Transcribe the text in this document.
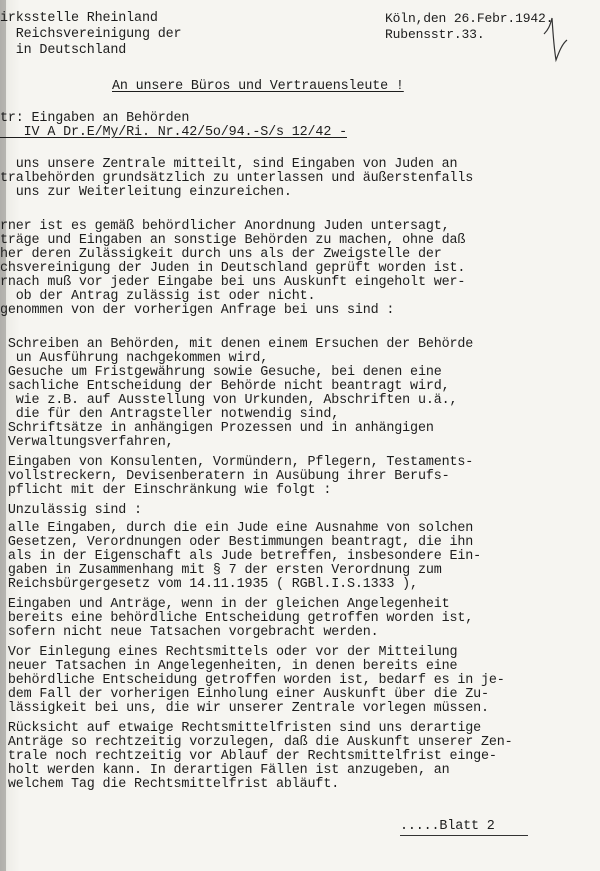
irksstelle Rheinland
Reichsvereinigung der
in Deutschland
Köln,den 26.Febr.1942.
Rubensstr.33.
An unsere Büros und Vertrauensleute !
tr: Eingaben an Behörden
IV A Dr.E/My/Ri. Nr.42/5o/94.-S/s 12/42 -
uns unsere Zentrale mitteilt, sind Eingaben von Juden an
tralbehörden grundsätzlich zu unterlassen und äußerstenfalls
uns zur Weiterleitung einzureichen.
rner ist es gemäß behördlicher Anordnung Juden untersagt,
träge und Eingaben an sonstige Behörden zu machen, ohne daß
her deren Zulässigkeit durch uns als der Zweigstelle der
chsvereinigung der Juden in Deutschland geprüft worden ist.
rnach muß vor jeder Eingabe bei uns Auskunft eingeholt wer-
ob der Antrag zulässig ist oder nicht.
genommen von der vorherigen Anfrage bei uns sind :
Schreiben an Behörden, mit denen einem Ersuchen der Behörde
un Ausführung nachgekommen wird,
Gesuche um Fristgewährung sowie Gesuche, bei denen eine
sachliche Entscheidung der Behörde nicht beantragt wird,
wie z.B. auf Ausstellung von Urkunden, Abschriften u.ä.,
die für den Antragsteller notwendig sind,
Schriftsätze in anhängigen Prozessen und in anhängigen
Verwaltungsverfahren,
Eingaben von Konsulenten, Vormündern, Pflegern, Testaments-
vollstreckern, Devisenberatern in Ausübung ihrer Berufs-
pflicht mit der Einschränkung wie folgt :
Unzulässig sind :
alle Eingaben, durch die ein Jude eine Ausnahme von solchen
Gesetzen, Verordnungen oder Bestimmungen beantragt, die ihn
als in der Eigenschaft als Jude betreffen, insbesondere Ein-
gaben in Zusammenhang mit § 7 der ersten Verordnung zum
Reichsbürgergesetz vom 14.11.1935 ( RGBl.I.S.1333 ),
Eingaben und Anträge, wenn in der gleichen Angelegenheit
bereits eine behördliche Entscheidung getroffen worden ist,
sofern nicht neue Tatsachen vorgebracht werden.
Vor Einlegung eines Rechtsmittels oder vor der Mitteilung
neuer Tatsachen in Angelegenheiten, in denen bereits eine
behördliche Entscheidung getroffen worden ist, bedarf es in je-
dem Fall der vorherigen Einholung einer Auskunft über die Zu-
lässigkeit bei uns, die wir unserer Zentrale vorlegen müssen.
Rücksicht auf etwaige Rechtsmittelfristen sind uns derartige
Anträge so rechtzeitig vorzulegen, daß die Auskunft unserer Zen-
trale noch rechtzeitig vor Ablauf der Rechtsmittelfrist einge-
holt werden kann. In derartigen Fällen ist anzugeben, an
welchem Tag die Rechtsmittelfrist abläuft.
.....Blatt 2
